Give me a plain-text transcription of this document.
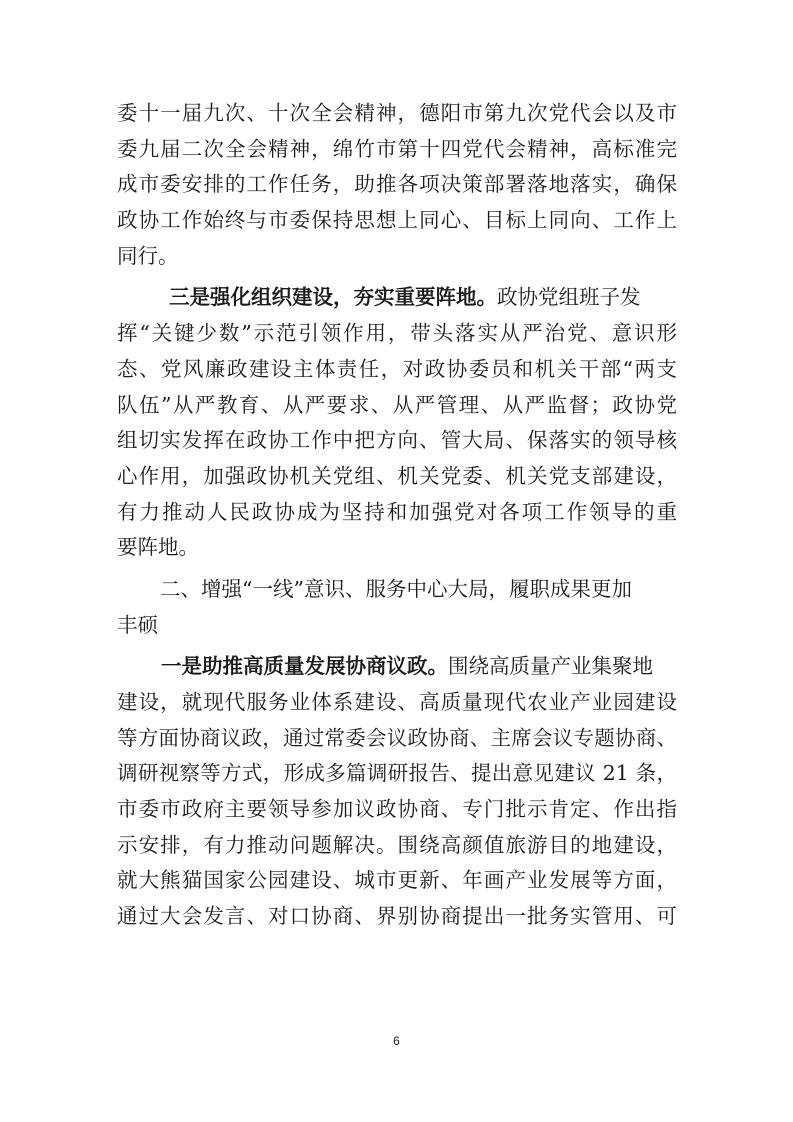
委十一届九次、十次全会精神，德阳市第九次党代会以及市
委九届二次全会精神，绵竹市第十四党代会精神，高标准完
成市委安排的工作任务，助推各项决策部署落地落实，确保
政协工作始终与市委保持思想上同心、目标上同向、工作上
同行。
三是强化组织建设，夯实重要阵地。政协党组班子发
挥“关键少数”示范引领作用，带头落实从严治党、意识形
态、党风廉政建设主体责任，对政协委员和机关干部“两支
队伍”从严教育、从严要求、从严管理、从严监督；政协党
组切实发挥在政协工作中把方向、管大局、保落实的领导核
心作用，加强政协机关党组、机关党委、机关党支部建设，
有力推动人民政协成为坚持和加强党对各项工作领导的重
要阵地。
二、增强“一线”意识、服务中心大局，履职成果更加
丰硕
一是助推高质量发展协商议政。围绕高质量产业集聚地
建设，就现代服务业体系建设、高质量现代农业产业园建设
等方面协商议政，通过常委会议政协商、主席会议专题协商、
调研视察等方式，形成多篇调研报告、提出意见建议 21 条，
市委市政府主要领导参加议政协商、专门批示肯定、作出指
示安排，有力推动问题解决。围绕高颜值旅游目的地建设，
就大熊猫国家公园建设、城市更新、年画产业发展等方面，
通过大会发言、对口协商、界别协商提出一批务实管用、可
6
